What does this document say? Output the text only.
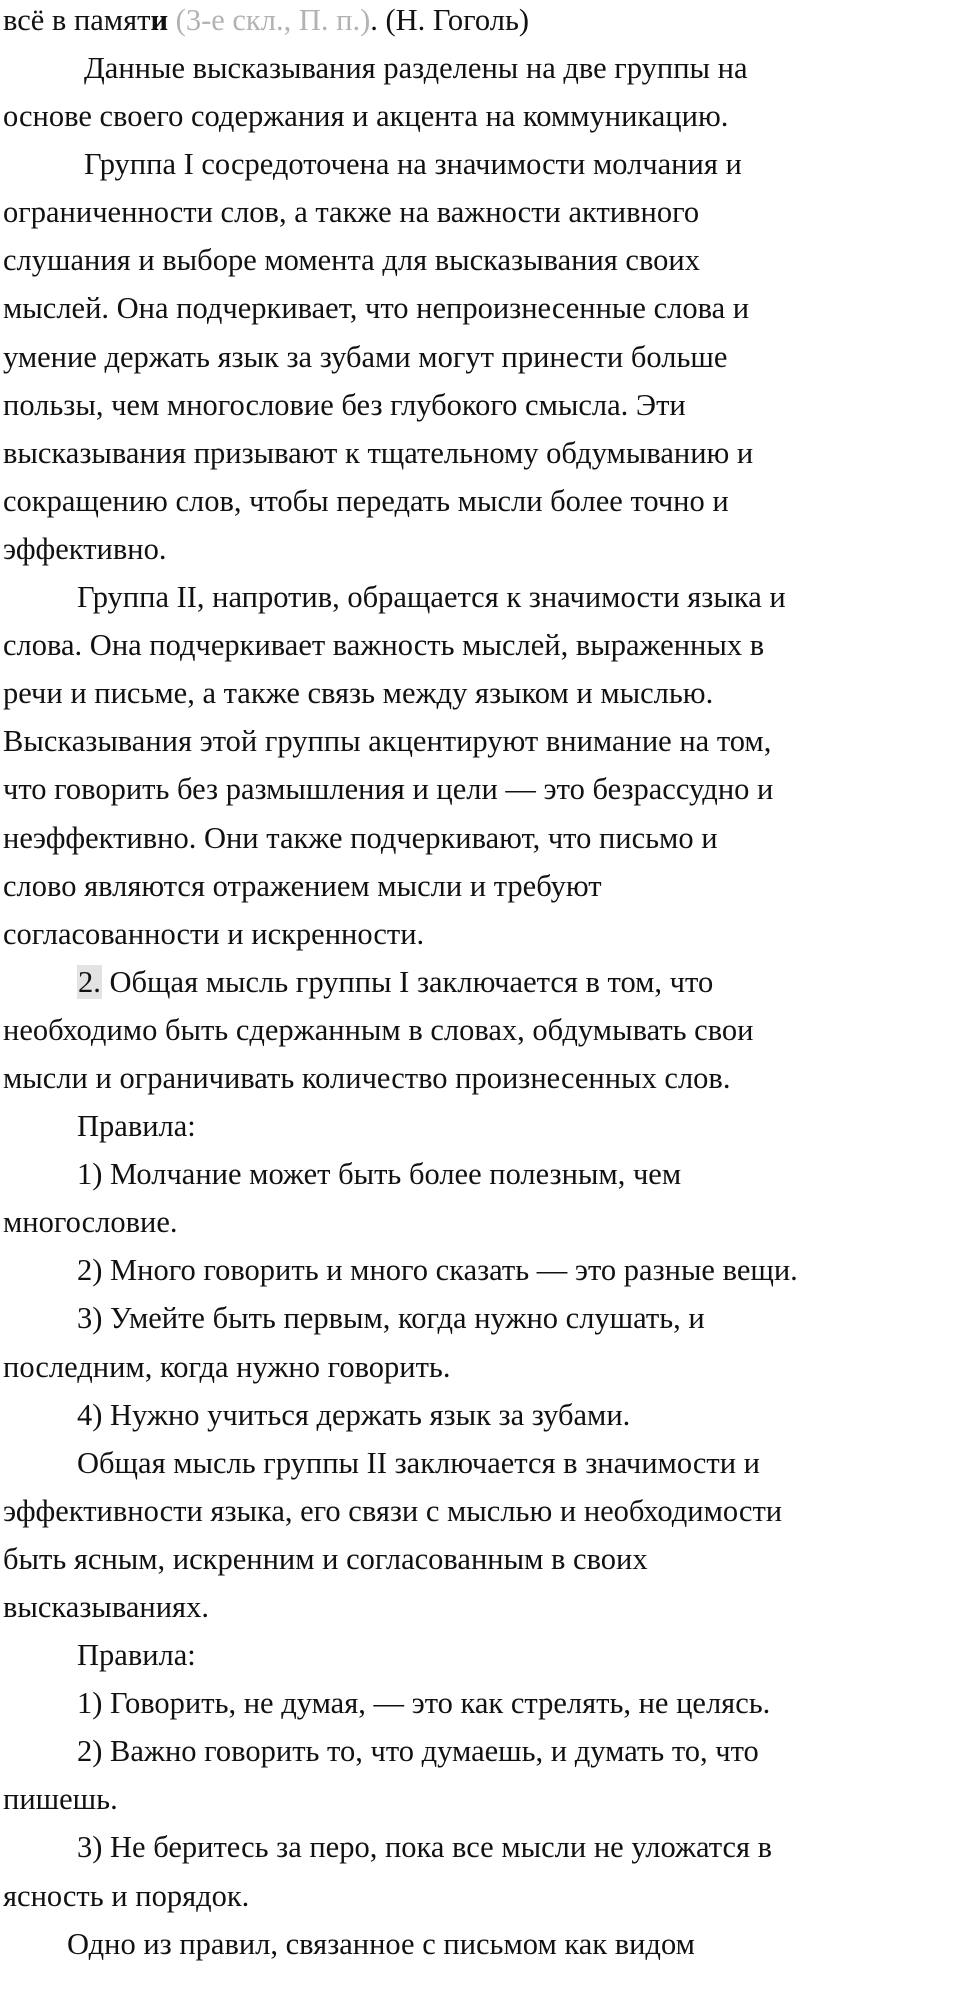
всё в памяти (3-е скл., П. п.). (Н. Гоголь)
Данные высказывания разделены на две группы на
основе своего содержания и акцента на коммуникацию.
Группа I сосредоточена на значимости молчания и
ограниченности слов, а также на важности активного
слушания и выборе момента для высказывания своих
мыслей. Она подчеркивает, что непроизнесенные слова и
умение держать язык за зубами могут принести больше
пользы, чем многословие без глубокого смысла. Эти
высказывания призывают к тщательному обдумыванию и
сокращению слов, чтобы передать мысли более точно и
эффективно.
Группа II, напротив, обращается к значимости языка и
слова. Она подчеркивает важность мыслей, выраженных в
речи и письме, а также связь между языком и мыслью.
Высказывания этой группы акцентируют внимание на том,
что говорить без размышления и цели — это безрассудно и
неэффективно. Они также подчеркивают, что письмо и
слово являются отражением мысли и требуют
согласованности и искренности.
2. Общая мысль группы I заключается в том, что
необходимо быть сдержанным в словах, обдумывать свои
мысли и ограничивать количество произнесенных слов.
Правила:
1) Молчание может быть более полезным, чем
многословие.
2) Много говорить и много сказать — это разные вещи.
3) Умейте быть первым, когда нужно слушать, и
последним, когда нужно говорить.
4) Нужно учиться держать язык за зубами.
Общая мысль группы II заключается в значимости и
эффективности языка, его связи с мыслью и необходимости
быть ясным, искренним и согласованным в своих
высказываниях.
Правила:
1) Говорить, не думая, — это как стрелять, не целясь.
2) Важно говорить то, что думаешь, и думать то, что
пишешь.
3) Не беритесь за перо, пока все мысли не уложатся в
ясность и порядок.
Одно из правил, связанное с письмом как видом
